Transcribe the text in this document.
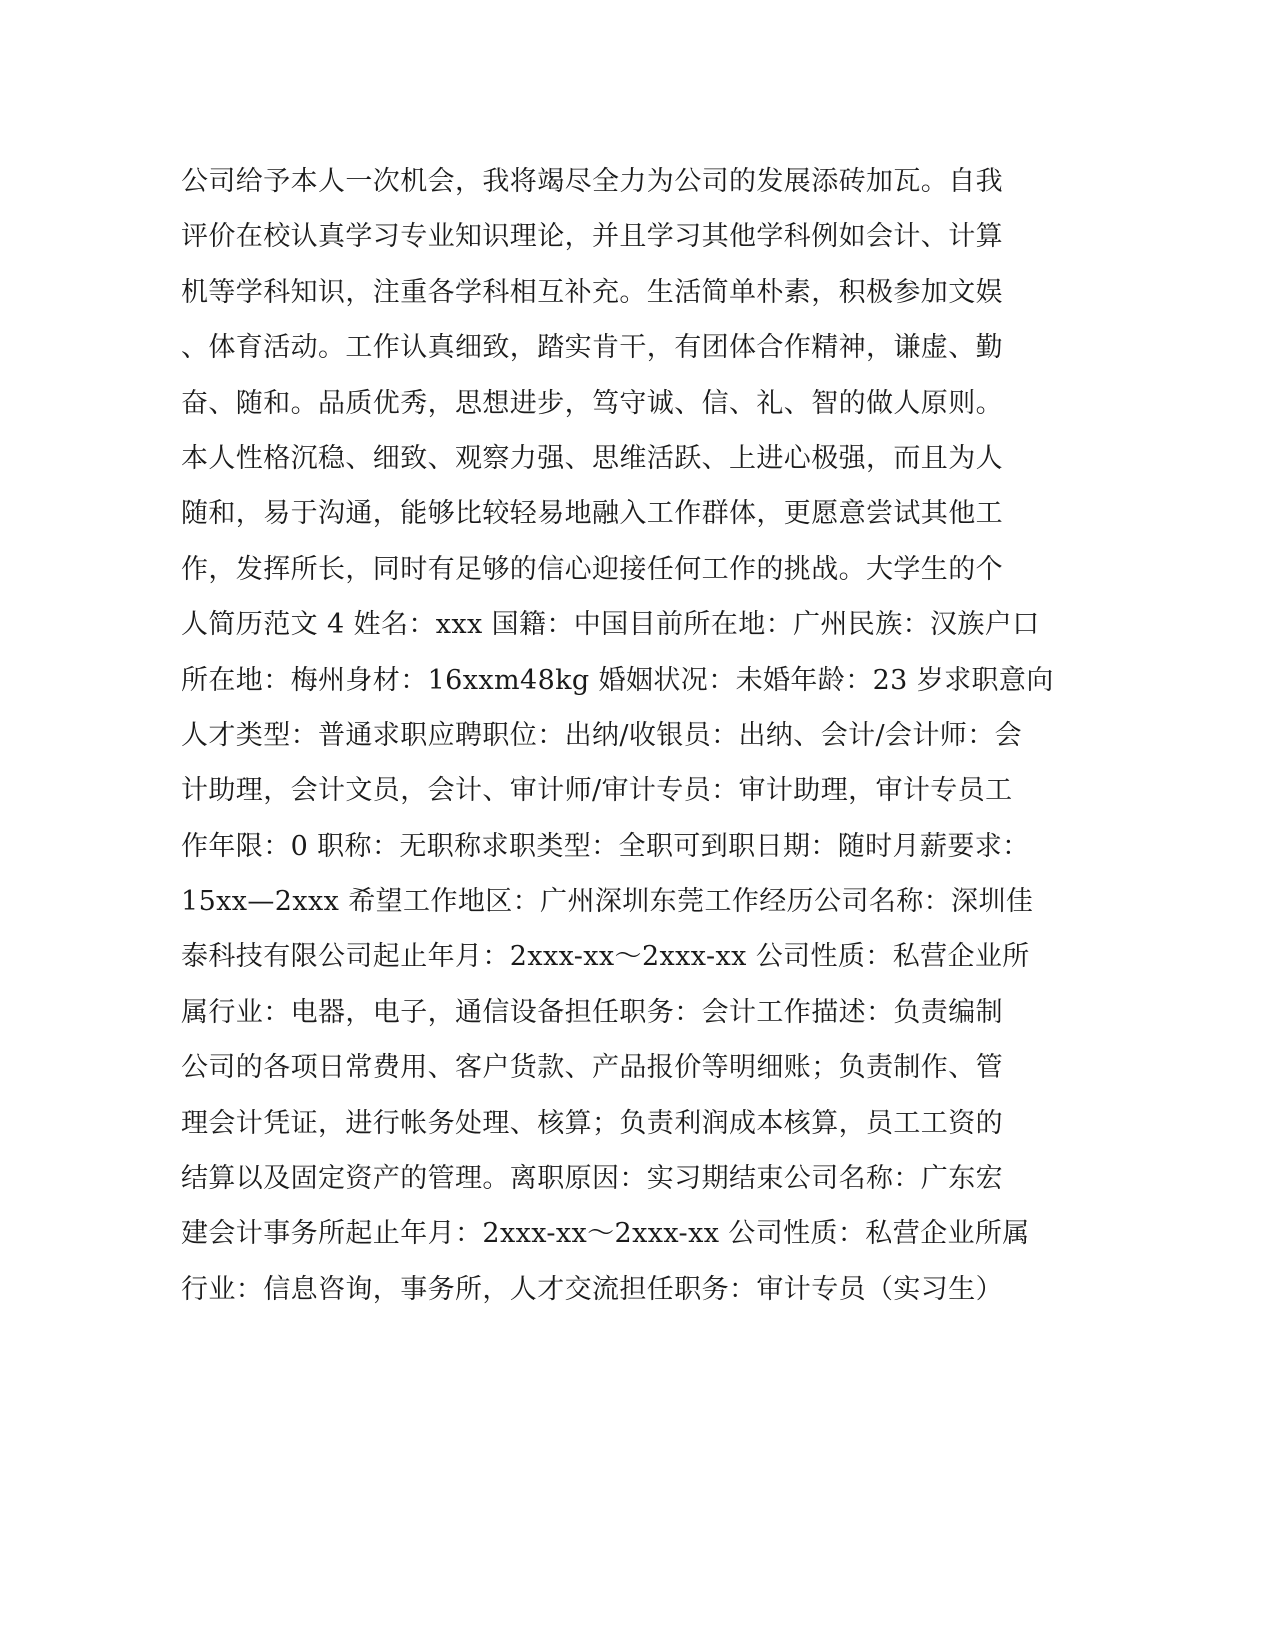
公司给予本人一次机会，我将竭尽全力为公司的发展添砖加瓦。自我
评价在校认真学习专业知识理论，并且学习其他学科例如会计、计算
机等学科知识，注重各学科相互补充。生活简单朴素，积极参加文娱
、体育活动。工作认真细致，踏实肯干，有团体合作精神，谦虚、勤
奋、随和。品质优秀，思想进步，笃守诚、信、礼、智的做人原则。
本人性格沉稳、细致、观察力强、思维活跃、上进心极强，而且为人
随和，易于沟通，能够比较轻易地融入工作群体，更愿意尝试其他工
作，发挥所长，同时有足够的信心迎接任何工作的挑战。大学生的个
人简历范文 4 姓名：xxx 国籍：中国目前所在地：广州民族：汉族户口
所在地：梅州身材：16xxm48kg 婚姻状况：未婚年龄：23 岁求职意向
人才类型：普通求职应聘职位：出纳/收银员：出纳、会计/会计师：会
计助理，会计文员，会计、审计师/审计专员：审计助理，审计专员工
作年限：0 职称：无职称求职类型：全职可到职日期：随时月薪要求：
15xx—2xxx 希望工作地区：广州深圳东莞工作经历公司名称：深圳佳
泰科技有限公司起止年月：2xxx-xx～2xxx-xx 公司性质：私营企业所
属行业：电器，电子，通信设备担任职务：会计工作描述：负责编制
公司的各项日常费用、客户货款、产品报价等明细账；负责制作、管
理会计凭证，进行帐务处理、核算；负责利润成本核算，员工工资的
结算以及固定资产的管理。离职原因：实习期结束公司名称：广东宏
建会计事务所起止年月：2xxx-xx～2xxx-xx 公司性质：私营企业所属
行业：信息咨询，事务所，人才交流担任职务：审计专员（实习生）
